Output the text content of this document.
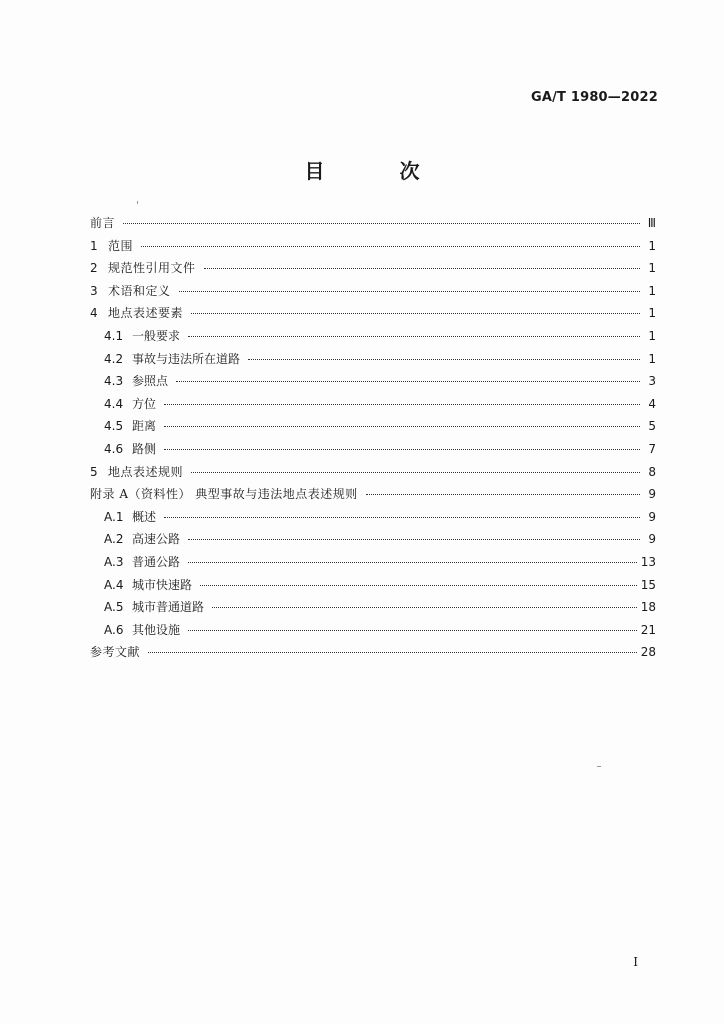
GA/T 1980—2022
目 次
前言	Ⅲ
1 范围	1
2 规范性引用文件	1
3 术语和定义	1
4 地点表述要素	1
4.1 一般要求	1
4.2 事故与违法所在道路	1
4.3 参照点	3
4.4 方位	4
4.5 距离	5
4.6 路侧	7
5 地点表述规则	8
附录 A（资料性） 典型事故与违法地点表述规则	9
A.1 概述	9
A.2 高速公路	9
A.3 普通公路	13
A.4 城市快速路	15
A.5 城市普通道路	18
A.6 其他设施	21
参考文献	28
I
